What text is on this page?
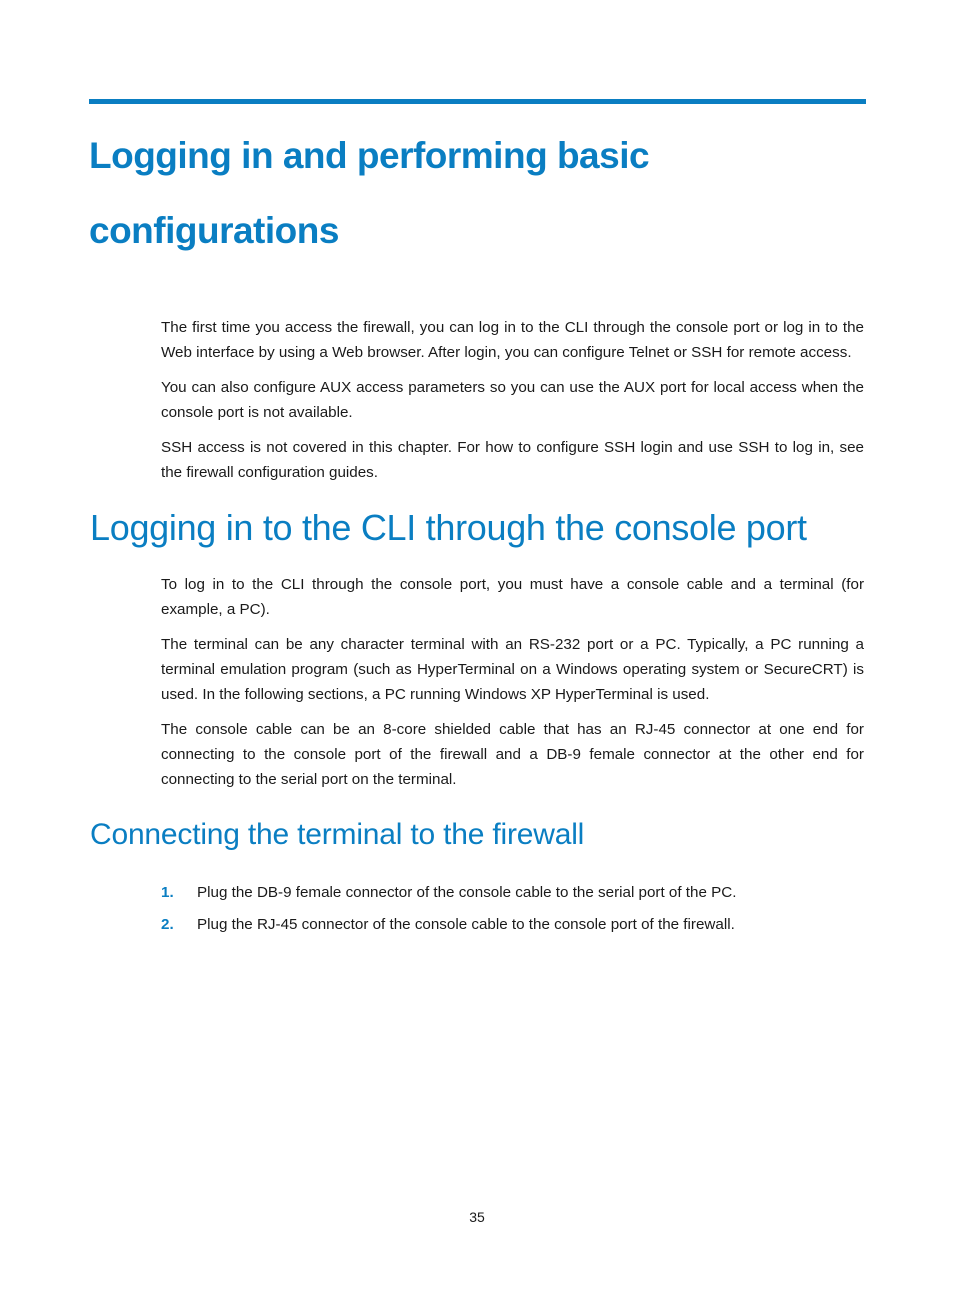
Logging in and performing basic configurations

The first time you access the firewall, you can log in to the CLI through the console port or log in to the Web interface by using a Web browser. After login, you can configure Telnet or SSH for remote access.

You can also configure AUX access parameters so you can use the AUX port for local access when the console port is not available.

SSH access is not covered in this chapter. For how to configure SSH login and use SSH to log in, see the firewall configuration guides.

Logging in to the CLI through the console port

To log in to the CLI through the console port, you must have a console cable and a terminal (for example, a PC).

The terminal can be any character terminal with an RS-232 port or a PC. Typically, a PC running a terminal emulation program (such as HyperTerminal on a Windows operating system or SecureCRT) is used. In the following sections, a PC running Windows XP HyperTerminal is used.

The console cable can be an 8-core shielded cable that has an RJ-45 connector at one end for connecting to the console port of the firewall and a DB-9 female connector at the other end for connecting to the serial port on the terminal.

Connecting the terminal to the firewall
1. Plug the DB-9 female connector of the console cable to the serial port of the PC.
2. Plug the RJ-45 connector of the console cable to the console port of the firewall.
35
